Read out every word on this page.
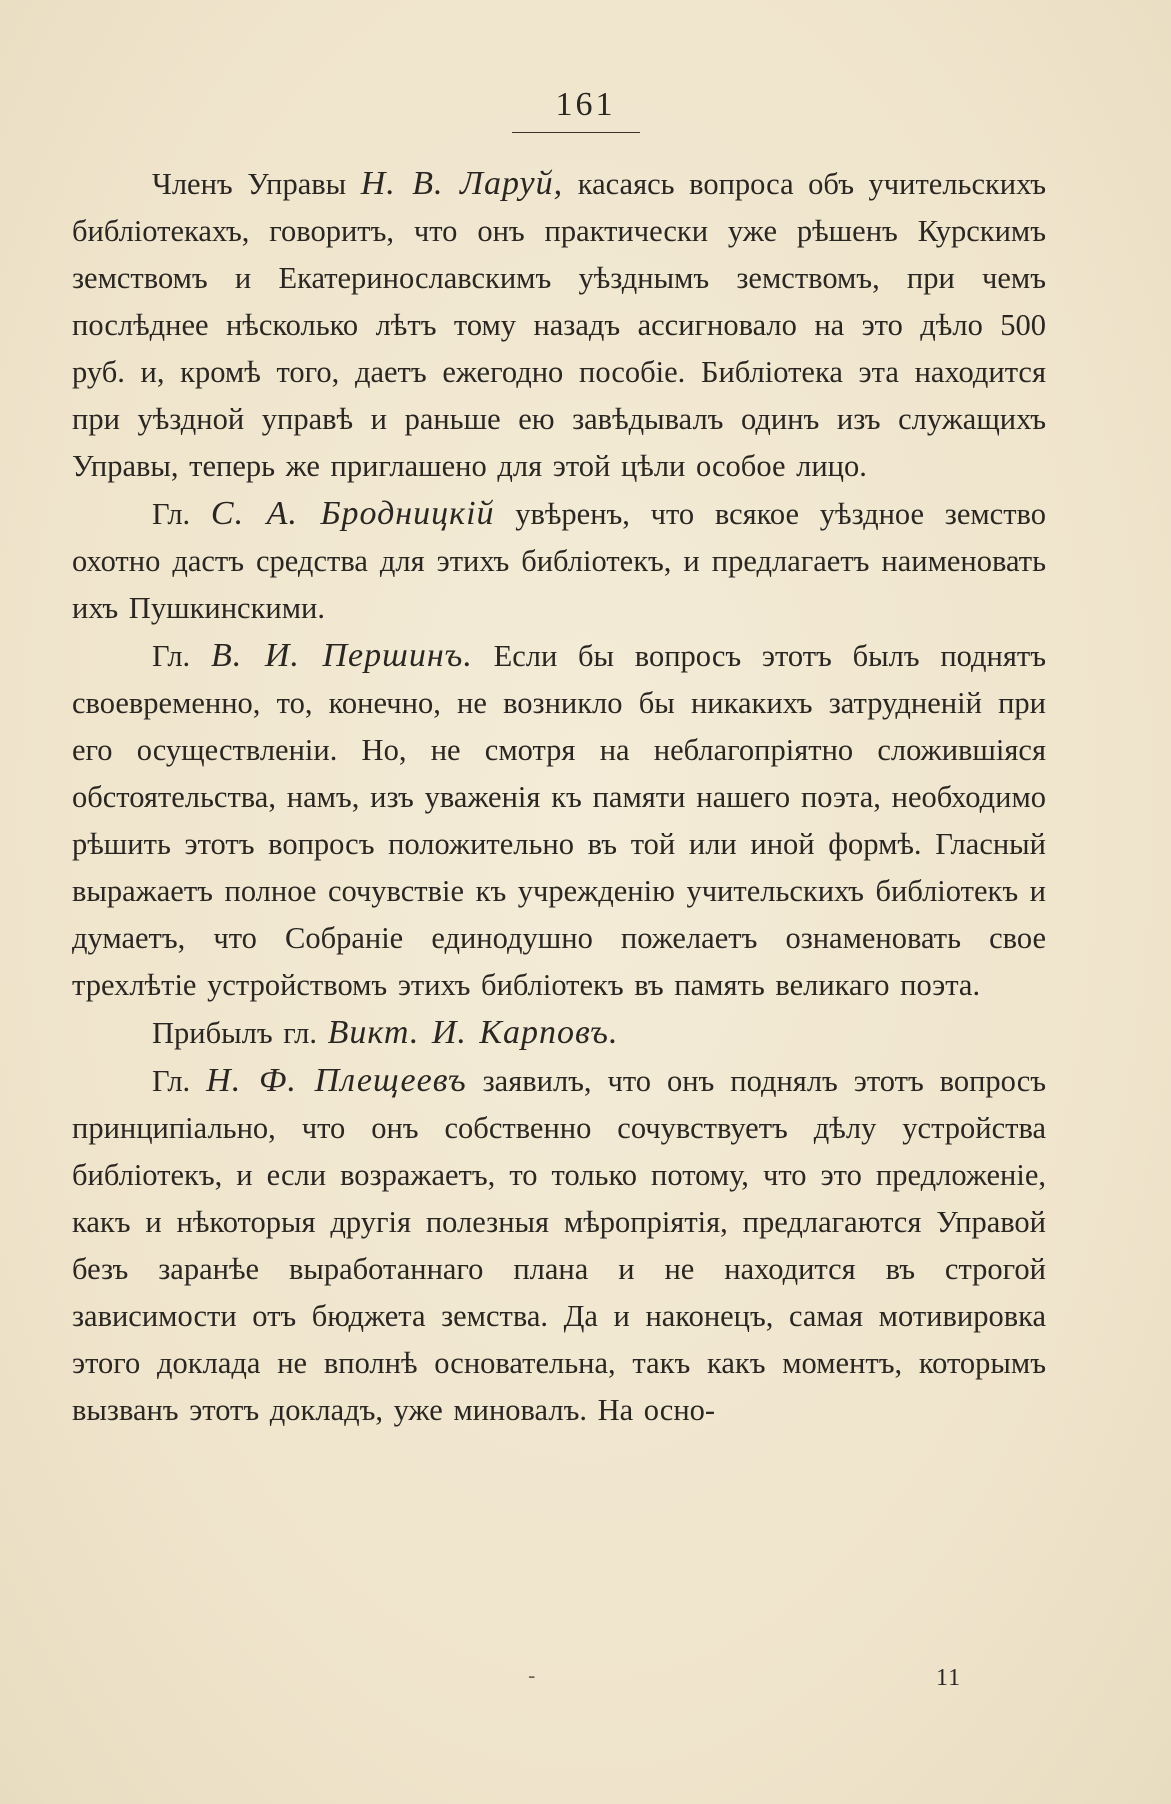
161

Членъ Управы Н. В. Ларуй, касаясь вопроса объ учительскихъ библіотекахъ, говоритъ, что онъ практически уже рѣшенъ Курскимъ земствомъ и Екатеринославскимъ уѣзднымъ земствомъ, при чемъ послѣднее нѣсколько лѣтъ тому назадъ ассигновало на это дѣло 500 руб. и, кромѣ того, даетъ ежегодно пособіе. Библіотека эта находится при уѣздной управѣ и раньше ею завѣдывалъ одинъ изъ служащихъ Управы, теперь же приглашено для этой цѣли особое лицо.

Гл. С. А. Бродницкій увѣренъ, что всякое уѣздное земство охотно дастъ средства для этихъ библіотекъ, и предлагаетъ наименовать ихъ Пушкинскими.

Гл. В. И. Першинъ. Если бы вопросъ этотъ былъ поднятъ своевременно, то, конечно, не возникло бы никакихъ затрудненій при его осуществленіи. Но, не смотря на неблагопріятно сложившіяся обстоятельства, намъ, изъ уваженія къ памяти нашего поэта, необходимо рѣшить этотъ вопросъ положительно въ той или иной формѣ. Гласный выражаетъ полное сочувствіе къ учрежденію учительскихъ библіотекъ и думаетъ, что Собраніе единодушно пожелаетъ ознаменовать свое трехлѣтіе устройствомъ этихъ библіотекъ въ память великаго поэта.

Прибылъ гл. Викт. И. Карповъ.

Гл. Н. Ф. Плещеевъ заявилъ, что онъ поднялъ этотъ вопросъ принципіально, что онъ собственно сочувствуетъ дѣлу устройства библіотекъ, и если возражаетъ, то только потому, что это предложеніе, какъ и нѣкоторыя другія полезныя мѣропріятія, предлагаются Управой безъ заранѣе выработаннаго плана и не находится въ строгой зависимости отъ бюджета земства. Да и наконецъ, самая мотивировка этого доклада не вполнѣ основательна, такъ какъ моментъ, которымъ вызванъ этотъ докладъ, уже миновалъ. На осно-

-	11
